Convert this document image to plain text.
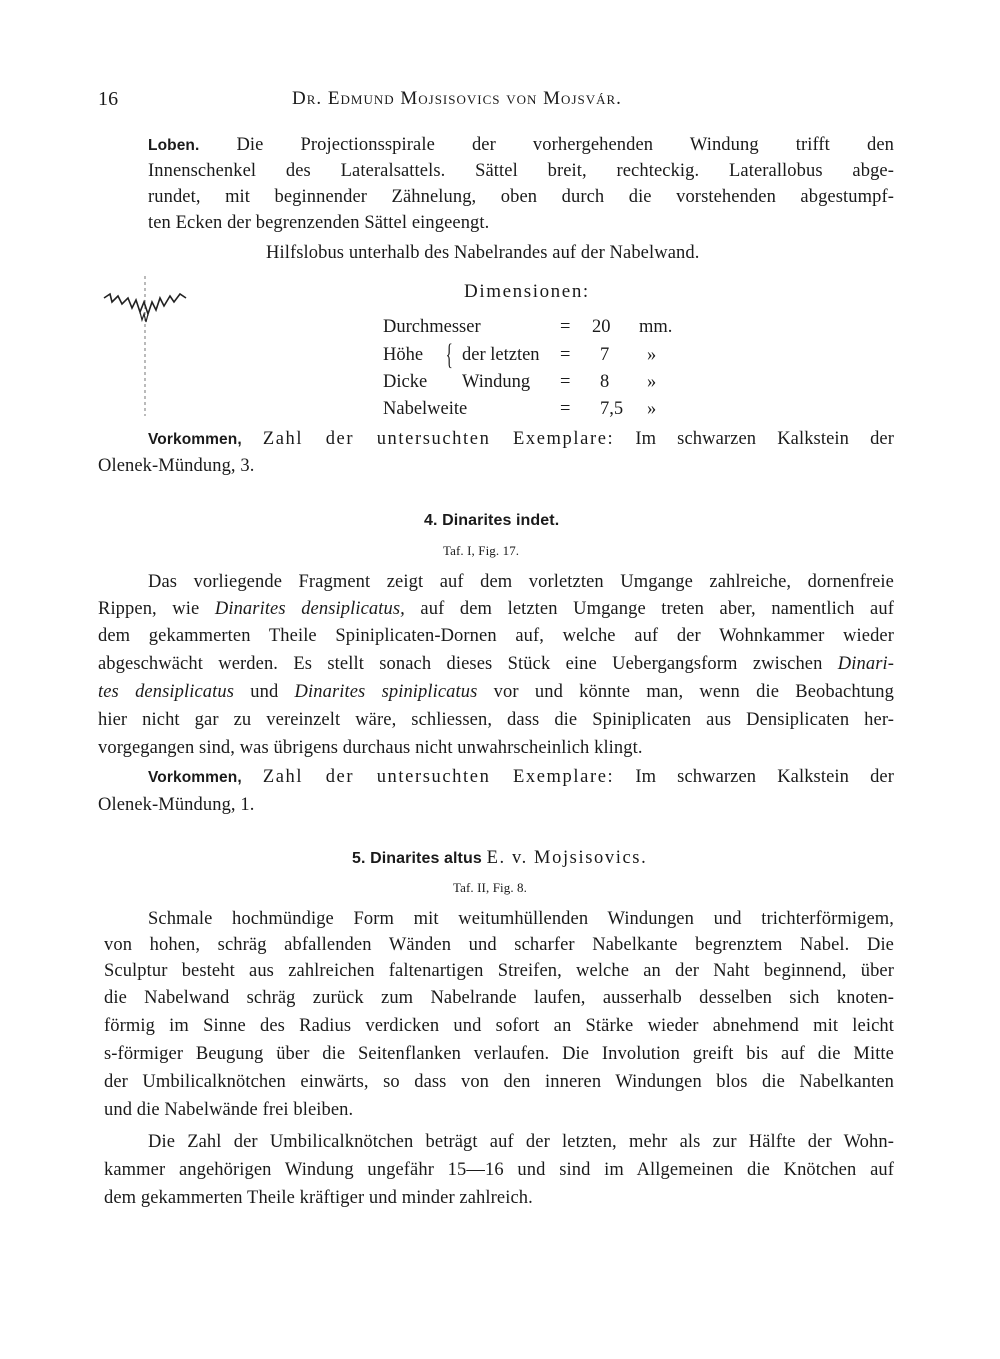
16	Dr. Edmund Mojsisovics von Mojsvár.
Loben. Die Projectionsspirale der vorhergehenden Windung trifft den
Innenschenkel des Lateralsattels. Sättel breit, rechteckig. Laterallobus abge-
rundet, mit beginnender Zähnelung, oben durch die vorstehenden abgestumpf-
ten Ecken der begrenzenden Sättel eingeengt.
Hilfslobus unterhalb des Nabelrandes auf der Nabelwand.
Dimensionen:
Durchmesser	= 20 mm.
Höhe der letzten = 7 »
{
Dicke Windung = 8 »
Nabelweite	= 7,5 »
Vorkommen, Zahl der untersuchten Exemplare: Im schwarzen Kalkstein der
Olenek-Mündung, 3.
4. Dinarites indet.
Taf. I, Fig. 17.
Das vorliegende Fragment zeigt auf dem vorletzten Umgange zahlreiche, dornenfreie
Rippen, wie Dinarites densiplicatus, auf dem letzten Umgange treten aber, namentlich auf
dem gekammerten Theile Spiniplicaten-Dornen auf, welche auf der Wohnkammer wieder
abgeschwächt werden. Es stellt sonach dieses Stück eine Uebergangsform zwischen Dinari-
tes densiplicatus und Dinarites spiniplicatus vor und könnte man, wenn die Beobachtung
hier nicht gar zu vereinzelt wäre, schliessen, dass die Spiniplicaten aus Densiplicaten her-
vorgegangen sind, was übrigens durchaus nicht unwahrscheinlich klingt.
Vorkommen, Zahl der untersuchten Exemplare: Im schwarzen Kalkstein der
Olenek-Mündung, 1.
5. Dinarites altus E. v. Mojsisovics.
Taf. II, Fig. 8.
Schmale hochmündige Form mit weitumhüllenden Windungen und trichterförmigem,
von hohen, schräg abfallenden Wänden und scharfer Nabelkante begrenztem Nabel. Die
Sculptur besteht aus zahlreichen faltenartigen Streifen, welche an der Naht beginnend, über
die Nabelwand schräg zurück zum Nabelrande laufen, ausserhalb desselben sich knoten-
förmig im Sinne des Radius verdicken und sofort an Stärke wieder abnehmend mit leicht
s-förmiger Beugung über die Seitenflanken verlaufen. Die Involution greift bis auf die Mitte
der Umbilicalknötchen einwärts, so dass von den inneren Windungen blos die Nabelkanten
und die Nabelwände frei bleiben.
Die Zahl der Umbilicalknötchen beträgt auf der letzten, mehr als zur Hälfte der Wohn-
kammer angehörigen Windung ungefähr 15—16 und sind im Allgemeinen die Knötchen auf
dem gekammerten Theile kräftiger und minder zahlreich.
